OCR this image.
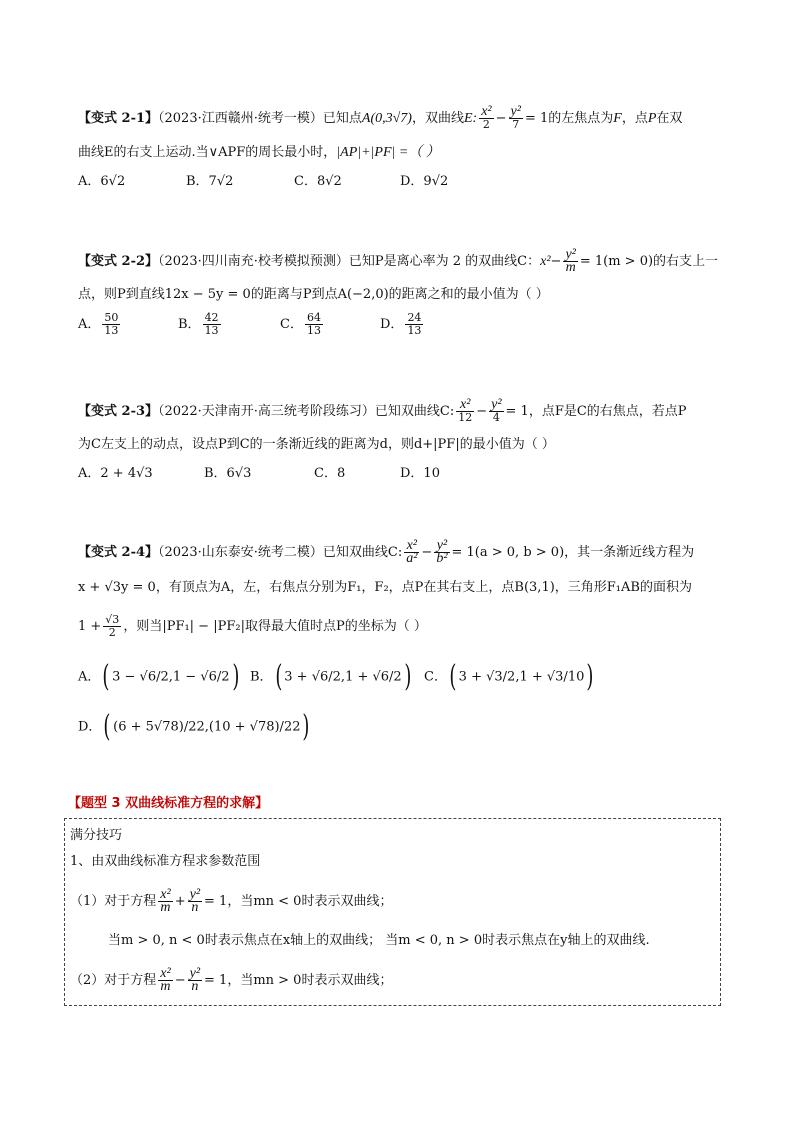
【变式 2-1】（2023·江西赣州·统考一模）已知点A(0,3√7)，双曲线E: $\frac{\text{x²}}{2} - \frac{\text{y²}}{7} = 1$的左焦点为F，点P在双
曲线E的右支上运动.当∨APF的周长最小时，|AP|+|PF| =（ ）
A．6√2	B．7√2	C．8√2	D．9√2
【变式 2-2】（2023·四川南充·校考模拟预测）已知P是离心率为 2 的双曲线C：$x^2- \frac{\text{y²}}{m} = 1(m > 0)$的右支上一
点，则P到直线12x − 5y = 0的距离与P到点A(−2,0)的距离之和的最小值为（ ）
A． $\frac{50}{13}$	B． $\frac{42}{13}$	C． $\frac{64}{13}$	D． $\frac{24}{13}$
【变式 2-3】（2022·天津南开·高三统考阶段练习）已知双曲线C: $\frac{\text{x²}}{12} - \frac{\text{y²}}{4} = 1$，点F是C的右焦点，若点P
为C左支上的动点，设点P到C的一条渐近线的距离为d，则d+|PF|的最小值为（ ）
A．2 + 4√3	B．6√3	C．8	D．10
【变式 2-4】（2023·山东泰安·统考二模）已知双曲线C: $\frac{\text{x²}}{\text{a²}} - \frac{\text{y²}}{\text{b²}} = 1(a > 0$, b > 0)，其一条渐近线方程为
x + √3y = 0，有顶点为A，左，右焦点分别为F₁，F₂，点P在其右支上，点B(3,1)，三角形F₁AB的面积为
$1 + \frac{√3}{2}$ ，则当|PF₁| − |PF₂|取得最大值时点P的坐标为（ ）
A．( 3 − √6/2,1 − √6/2) B．( 3 + √6/2,1 + √6/2) C．( 3 + √3/2,1 + √3/10)
D．( (6 + 5√78)/22,(10 + √78)/22)
【题型 3 双曲线标准方程的求解】
满分技巧
1、由双曲线标准方程求参数范围
（1）对于方程 $\frac{\text{x²}}{m} + \frac{\text{y²}}{n} = 1$，当mn < 0时表示双曲线；
当m > 0, n < 0时表示焦点在x轴上的双曲线； 当m < 0, n > 0时表示焦点在y轴上的双曲线.
（2）对于方程 $\frac{\text{x²}}{m} - \frac{\text{y²}}{n} = 1$，当mn > 0时表示双曲线；
